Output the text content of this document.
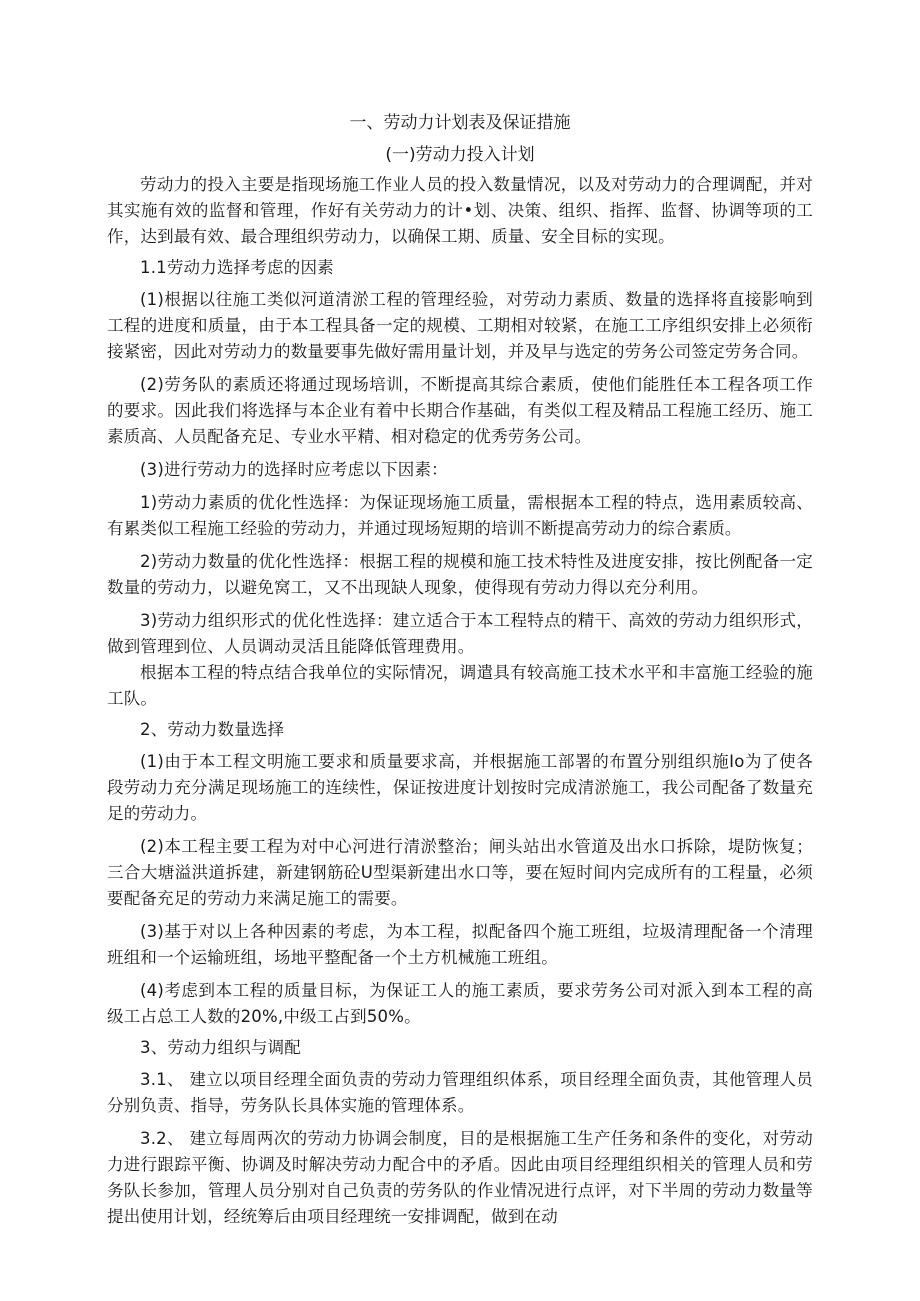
一、劳动力计划表及保证措施
(一)劳动力投入计划

劳动力的投入主要是指现场施工作业人员的投入数量情况，以及对劳动力的合理调配，并对其实施有效的监督和管理，作好有关劳动力的计•划、决策、组织、指挥、监督、协调等项的工作，达到最有效、最合理组织劳动力，以确保工期、质量、安全目标的实现。

1.1劳动力选择考虑的因素

(1)根据以往施工类似河道清淤工程的管理经验，对劳动力素质、数量的选择将直接影响到工程的进度和质量，由于本工程具备一定的规模、工期相对较紧，在施工工序组织安排上必须衔接紧密，因此对劳动力的数量要事先做好需用量计划，并及早与选定的劳务公司签定劳务合同。

(2)劳务队的素质还将通过现场培训，不断提高其综合素质，使他们能胜任本工程各项工作的要求。因此我们将选择与本企业有着中长期合作基础，有类似工程及精品工程施工经历、施工素质高、人员配备充足、专业水平精、相对稳定的优秀劳务公司。

(3)进行劳动力的选择时应考虑以下因素：

1)劳动力素质的优化性选择：为保证现场施工质量，需根据本工程的特点，选用素质较高、有累类似工程施工经验的劳动力，并通过现场短期的培训不断提高劳动力的综合素质。

2)劳动力数量的优化性选择：根据工程的规模和施工技术特性及进度安排，按比例配备一定数量的劳动力，以避免窝工，又不出现缺人现象，使得现有劳动力得以充分利用。

3)劳动力组织形式的优化性选择：建立适合于本工程特点的精干、高效的劳动力组织形式，做到管理到位、人员调动灵活且能降低管理费用。

根据本工程的特点结合我单位的实际情况，调遣具有较高施工技术水平和丰富施工经验的施工队。

2、劳动力数量选择

(1)由于本工程文明施工要求和质量要求高，并根据施工部署的布置分别组织施Io为了使各段劳动力充分满足现场施工的连续性，保证按进度计划按时完成清淤施工，我公司配备了数量充足的劳动力。

(2)本工程主要工程为对中心河进行清淤整治；闸头站出水管道及出水口拆除，堤防恢复；三合大塘溢洪道拆建，新建钢筋砼U型渠新建出水口等，要在短时间内完成所有的工程量，必须要配备充足的劳动力来满足施工的需要。

(3)基于对以上各种因素的考虑，为本工程，拟配备四个施工班组，垃圾清理配备一个清理班组和一个运输班组，场地平整配备一个土方机械施工班组。

(4)考虑到本工程的质量目标，为保证工人的施工素质，要求劳务公司对派入到本工程的高级工占总工人数的20%,中级工占到50%。

3、劳动力组织与调配

3.1、 建立以项目经理全面负责的劳动力管理组织体系，项目经理全面负责，其他管理人员分别负责、指导，劳务队长具体实施的管理体系。

3.2、 建立每周两次的劳动力协调会制度，目的是根据施工生产任务和条件的变化，对劳动力进行跟踪平衡、协调及时解决劳动力配合中的矛盾。因此由项目经理组织相关的管理人员和劳务队长参加，管理人员分别对自己负责的劳务队的作业情况进行点评，对下半周的劳动力数量等提出使用计划，经统筹后由项目经理统一安排调配，做到在动
